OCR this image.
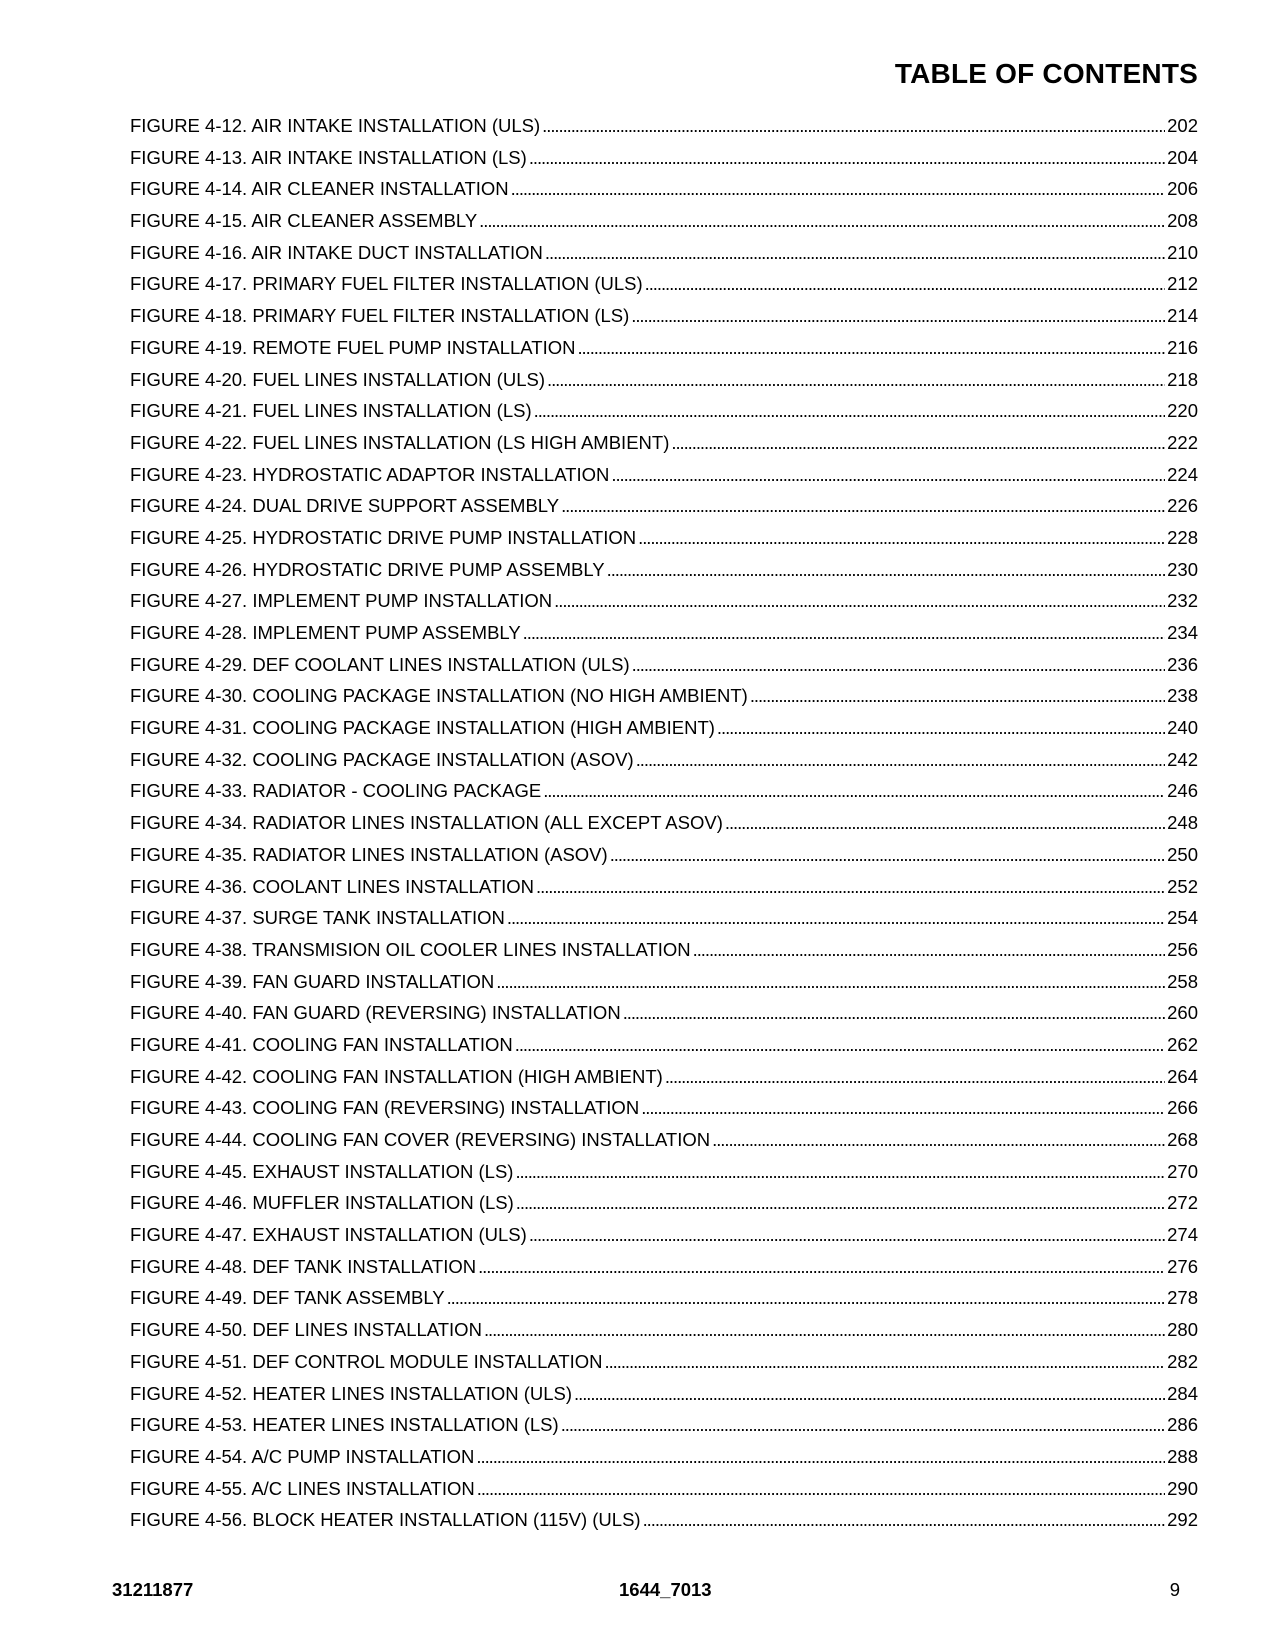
TABLE OF CONTENTS
FIGURE 4-12. AIR INTAKE INSTALLATION (ULS) . . .	202
FIGURE 4-13. AIR INTAKE INSTALLATION (LS) . . .	204
FIGURE 4-14. AIR CLEANER INSTALLATION . . .	206
FIGURE 4-15. AIR CLEANER ASSEMBLY . . .	208
FIGURE 4-16. AIR INTAKE DUCT INSTALLATION . . .	210
FIGURE 4-17. PRIMARY FUEL FILTER INSTALLATION (ULS) . . .	212
FIGURE 4-18. PRIMARY FUEL FILTER INSTALLATION (LS) . . .	214
FIGURE 4-19. REMOTE FUEL PUMP INSTALLATION . . .	216
FIGURE 4-20. FUEL LINES INSTALLATION (ULS) . . .	218
FIGURE 4-21. FUEL LINES INSTALLATION (LS) . . .	220
FIGURE 4-22. FUEL LINES INSTALLATION (LS HIGH AMBIENT) . . .	222
FIGURE 4-23. HYDROSTATIC ADAPTOR INSTALLATION . . .	224
FIGURE 4-24. DUAL DRIVE SUPPORT ASSEMBLY . . .	226
FIGURE 4-25. HYDROSTATIC DRIVE PUMP INSTALLATION . . .	228
FIGURE 4-26. HYDROSTATIC DRIVE PUMP ASSEMBLY . . .	230
FIGURE 4-27. IMPLEMENT PUMP INSTALLATION . . .	232
FIGURE 4-28. IMPLEMENT PUMP ASSEMBLY . . .	234
FIGURE 4-29. DEF COOLANT LINES INSTALLATION (ULS) . . .	236
FIGURE 4-30. COOLING PACKAGE INSTALLATION (NO HIGH AMBIENT) . . .	238
FIGURE 4-31. COOLING PACKAGE INSTALLATION (HIGH AMBIENT) . . .	240
FIGURE 4-32. COOLING PACKAGE INSTALLATION (ASOV) . . .	242
FIGURE 4-33. RADIATOR - COOLING PACKAGE . . .	246
FIGURE 4-34. RADIATOR LINES INSTALLATION (ALL EXCEPT ASOV) . . .	248
FIGURE 4-35. RADIATOR LINES INSTALLATION (ASOV) . . .	250
FIGURE 4-36. COOLANT LINES INSTALLATION . . .	252
FIGURE 4-37. SURGE TANK INSTALLATION . . .	254
FIGURE 4-38. TRANSMISION OIL COOLER LINES INSTALLATION . . .	256
FIGURE 4-39. FAN GUARD INSTALLATION . . .	258
FIGURE 4-40. FAN GUARD (REVERSING) INSTALLATION . . .	260
FIGURE 4-41. COOLING FAN INSTALLATION . . .	262
FIGURE 4-42. COOLING FAN INSTALLATION (HIGH AMBIENT) . . .	264
FIGURE 4-43. COOLING FAN (REVERSING) INSTALLATION . . .	266
FIGURE 4-44. COOLING FAN COVER (REVERSING) INSTALLATION . . .	268
FIGURE 4-45. EXHAUST INSTALLATION (LS) . . .	270
FIGURE 4-46. MUFFLER INSTALLATION (LS) . . .	272
FIGURE 4-47. EXHAUST INSTALLATION (ULS) . . .	274
FIGURE 4-48. DEF TANK INSTALLATION . . .	276
FIGURE 4-49. DEF TANK ASSEMBLY . . .	278
FIGURE 4-50. DEF LINES INSTALLATION . . .	280
FIGURE 4-51. DEF CONTROL MODULE INSTALLATION . . .	282
FIGURE 4-52. HEATER LINES INSTALLATION (ULS) . . .	284
FIGURE 4-53. HEATER LINES INSTALLATION (LS) . . .	286
FIGURE 4-54. A/C PUMP INSTALLATION . . .	288
FIGURE 4-55. A/C LINES INSTALLATION . . .	290
FIGURE 4-56. BLOCK HEATER INSTALLATION (115V) (ULS) . . .	292
31211877	1644_7013	9
